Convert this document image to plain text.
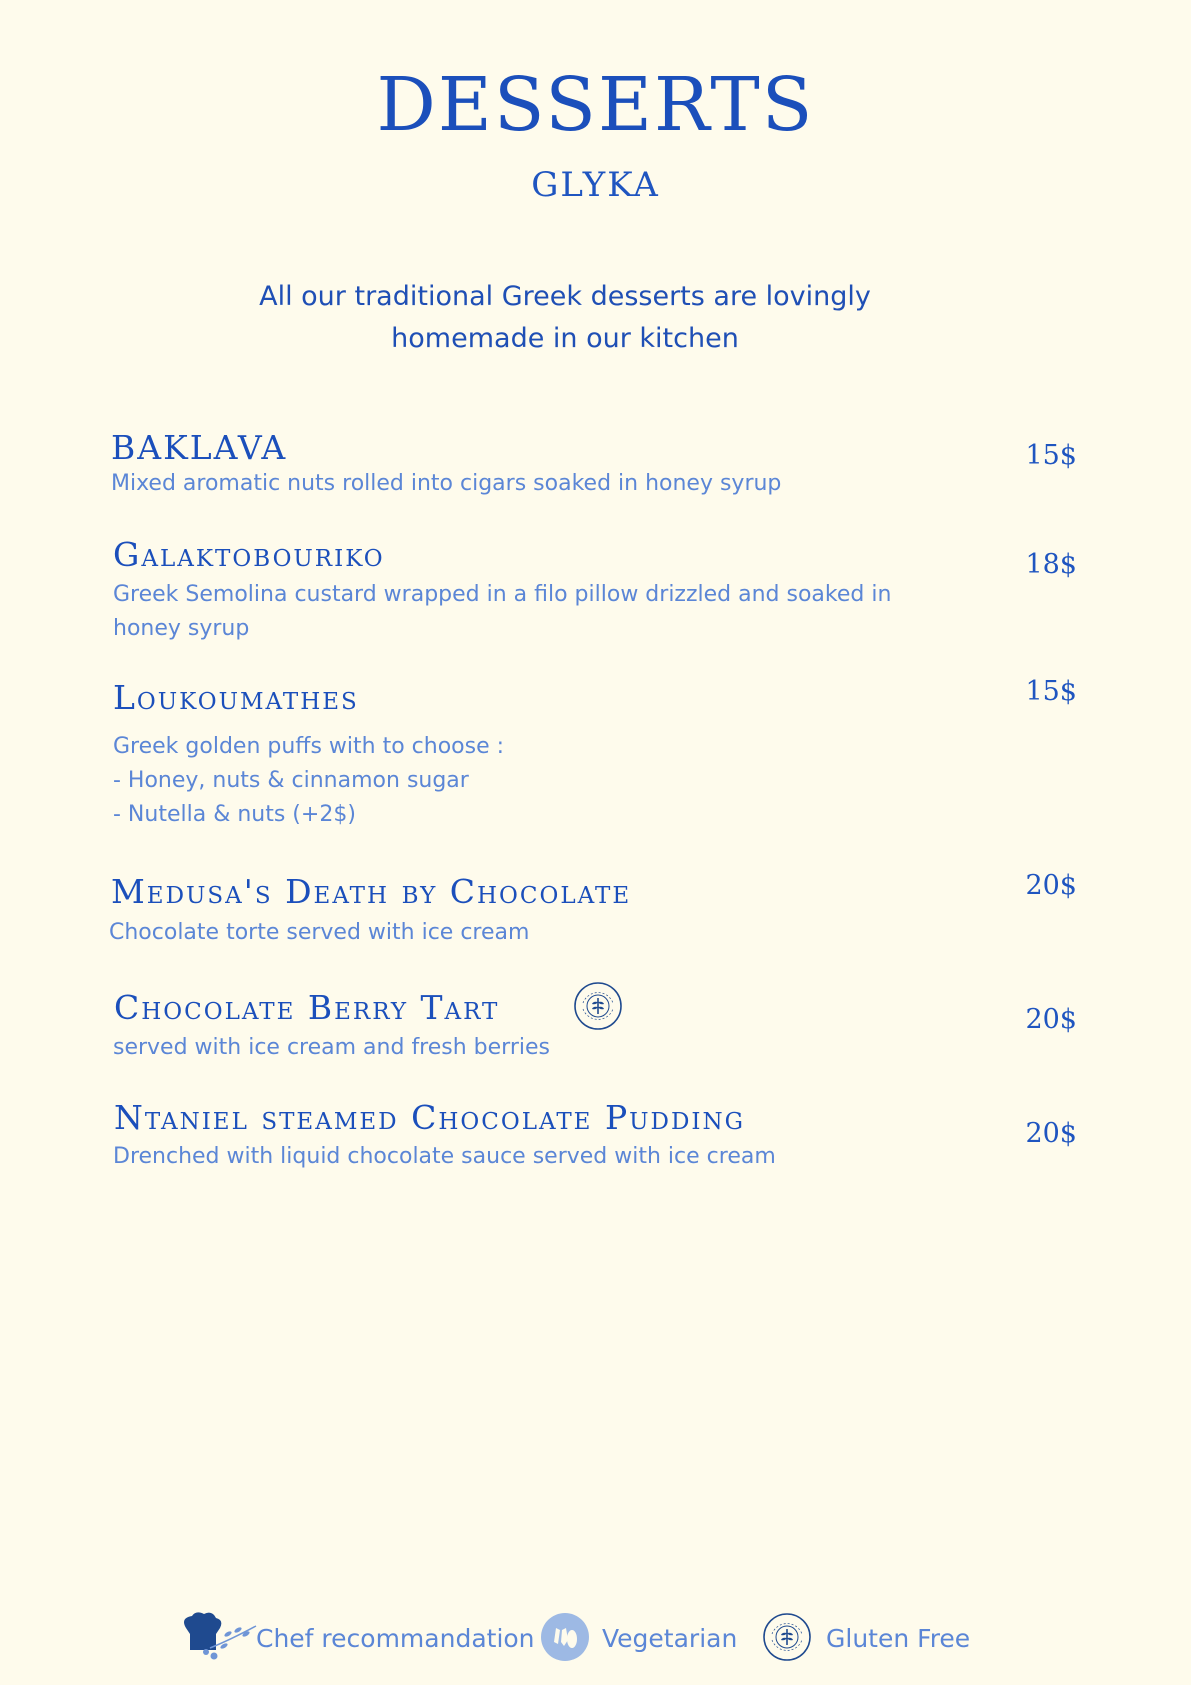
DESSERTS
GLYKA
All our traditional Greek desserts are lovingly
homemade in our kitchen
BAKLAVA
Mixed aromatic nuts rolled into cigars soaked in honey syrup
15$
Galaktobouriko
Greek Semolina custard wrapped in a filo pillow drizzled and soaked in
honey syrup
18$
Loukoumathes
Greek golden puffs with to choose :
- Honey, nuts & cinnamon sugar
- Nutella & nuts (+2$)
15$
Medusa's Death by Chocolate
Chocolate torte served with ice cream
20$
Chocolate Berry Tart
served with ice cream and fresh berries
20$
Ntaniel steamed Chocolate Pudding
Drenched with liquid chocolate sauce served with ice cream
20$
Chef recommandation	Vegetarian	Gluten Free
